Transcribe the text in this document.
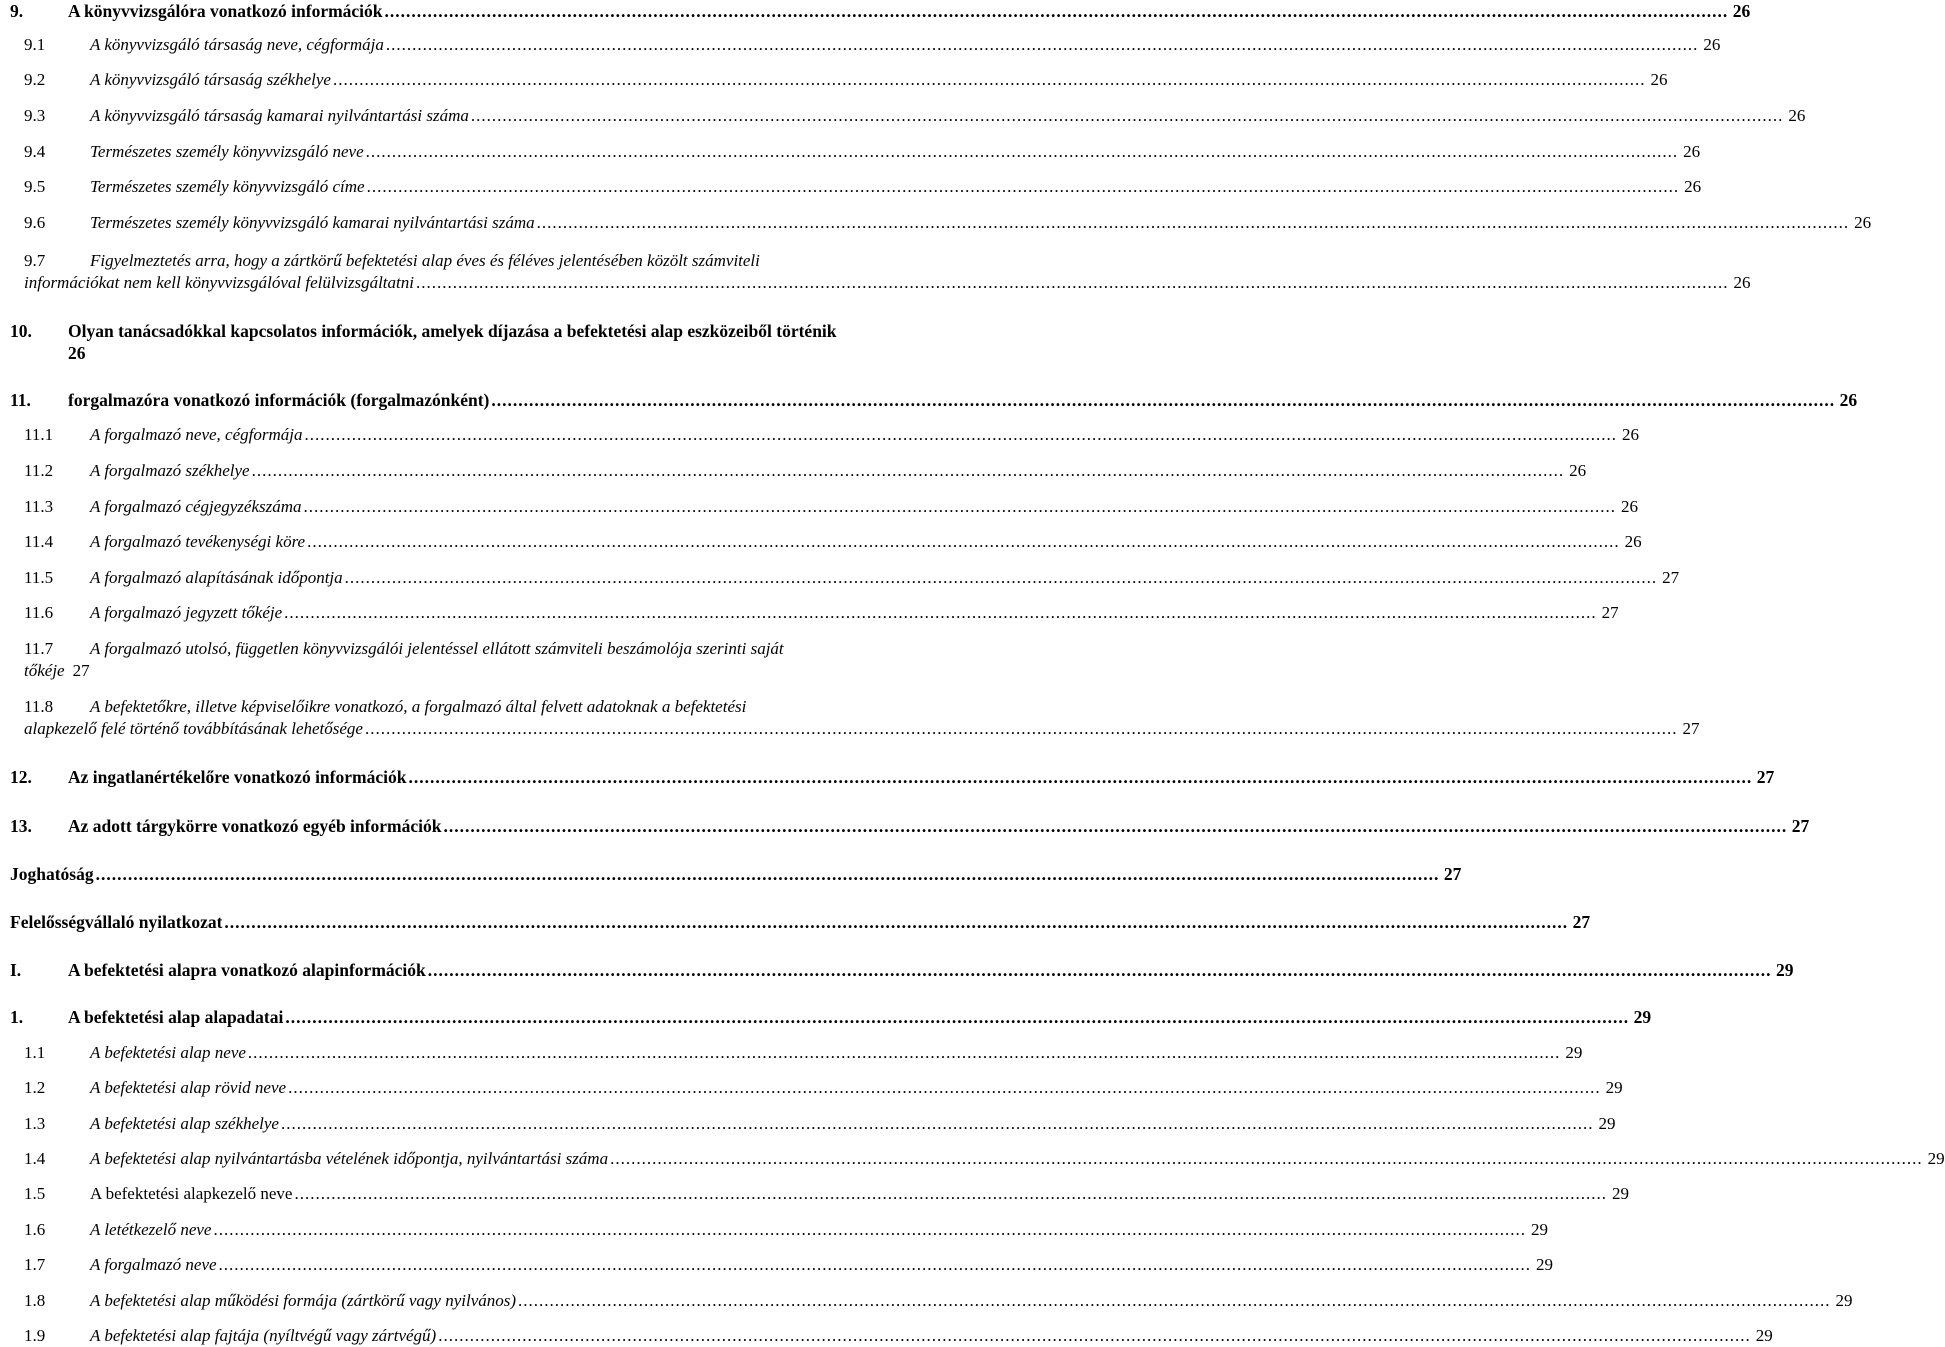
9.	A könyvvizsgálóra vonatkozó információk .....	26
9.1	A könyvvizsgáló társaság neve, cégformája .....	26
9.2	A könyvvizsgáló társaság székhelye .....	26
9.3	A könyvvizsgáló társaság kamarai nyilvántartási száma .....	26
9.4	Természetes személy könyvvizsgáló neve .....	26
9.5	Természetes személy könyvvizsgáló címe .....	26
9.6	Természetes személy könyvvizsgáló kamarai nyilvántartási száma .....	26
9.7	Figyelmeztetés arra, hogy a zártkörű befektetési alap éves és féléves jelentésében közölt számviteli
információkat nem kell könyvvizsgálóval felülvizsgáltatni .....	26
10.	Olyan tanácsadókkal kapcsolatos információk, amelyek díjazása a befektetési alap eszközeiből történik
26
11.	forgalmazóra vonatkozó információk (forgalmazónként) .....	26
11.1	A forgalmazó neve, cégformája .....	26
11.2	A forgalmazó székhelye .....	26
11.3	A forgalmazó cégjegyzékszáma .....	26
11.4	A forgalmazó tevékenységi köre .....	26
11.5	A forgalmazó alapításának időpontja .....	27
11.6	A forgalmazó jegyzett tőkéje .....	27
11.7	A forgalmazó utolsó, független könyvvizsgálói jelentéssel ellátott számviteli beszámolója szerinti saját
tőkéje 27
11.8	A befektetőkre, illetve képviselőikre vonatkozó, a forgalmazó által felvett adatoknak a befektetési
alapkezelő felé történő továbbításának lehetősége .....	27
12.	Az ingatlanértékelőre vonatkozó információk .....	27
13.	Az adott tárgykörre vonatkozó egyéb információk .....	27
Joghatóság .....	27
Felelősségvállaló nyilatkozat .....	27
I.	A befektetési alapra vonatkozó alapinformációk .....	29
1.	A befektetési alap alapadatai .....	29
1.1	A befektetési alap neve .....	29
1.2	A befektetési alap rövid neve .....	29
1.3	A befektetési alap székhelye .....	29
1.4	A befektetési alap nyilvántartásba vételének időpontja, nyilvántartási száma .....	29
1.5	A befektetési alapkezelő neve .....	29
1.6	A letétkezelő neve .....	29
1.7	A forgalmazó neve .....	29
1.8	A befektetési alap működési formája (zártkörű vagy nyilvános) .....	29
1.9	A befektetési alap fajtája (nyíltvégű vagy zártvégű) .....	29
